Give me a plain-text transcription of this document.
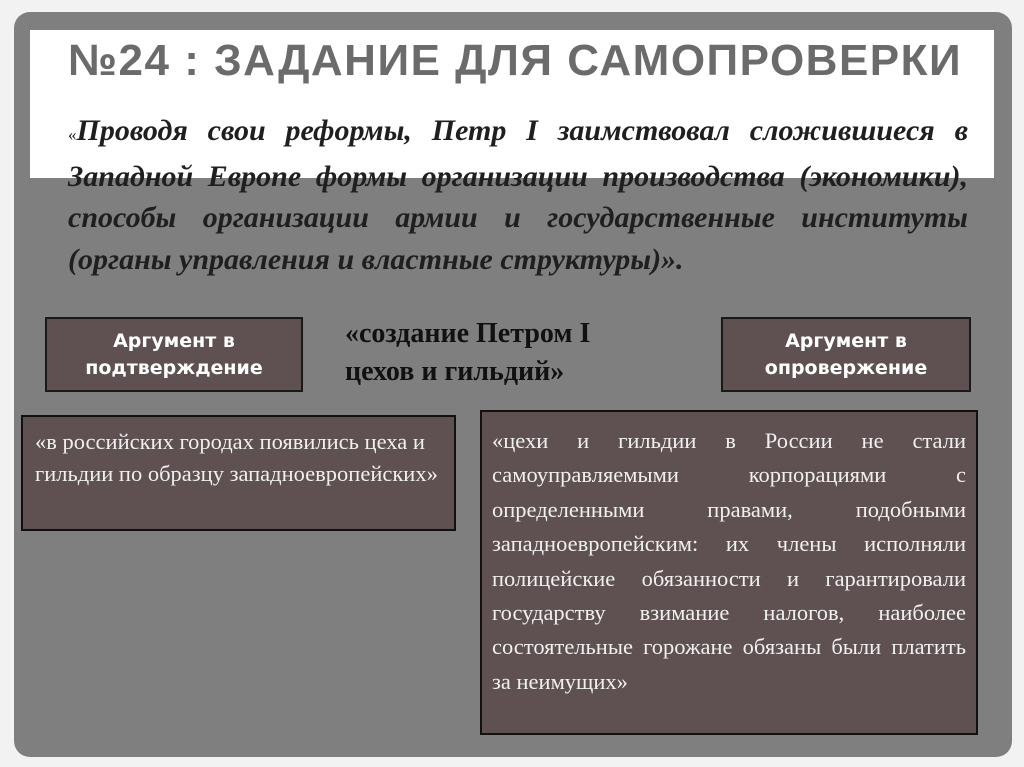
№24 : ЗАДАНИЕ ДЛЯ САМОПРОВЕРКИ

«Проводя свои реформы, Петр I заимствовал сложившиеся в Западной Европе формы организации производства (экономики), способы организации армии и государственные институты (органы управления и властные структуры)».

Аргумент в подтверждение

«создание Петром I цехов и гильдий»

Аргумент в опровержение
«в российских городах появились цеха и гильдии по образцу западноевропейских»
«цехи и гильдии в России не стали самоуправляемыми корпорациями с определенными правами, подобными западноевропейским: их члены исполняли полицейские обязанности и гарантировали государству взимание налогов, наиболее состоятельные горожане обязаны были платить за неимущих»
